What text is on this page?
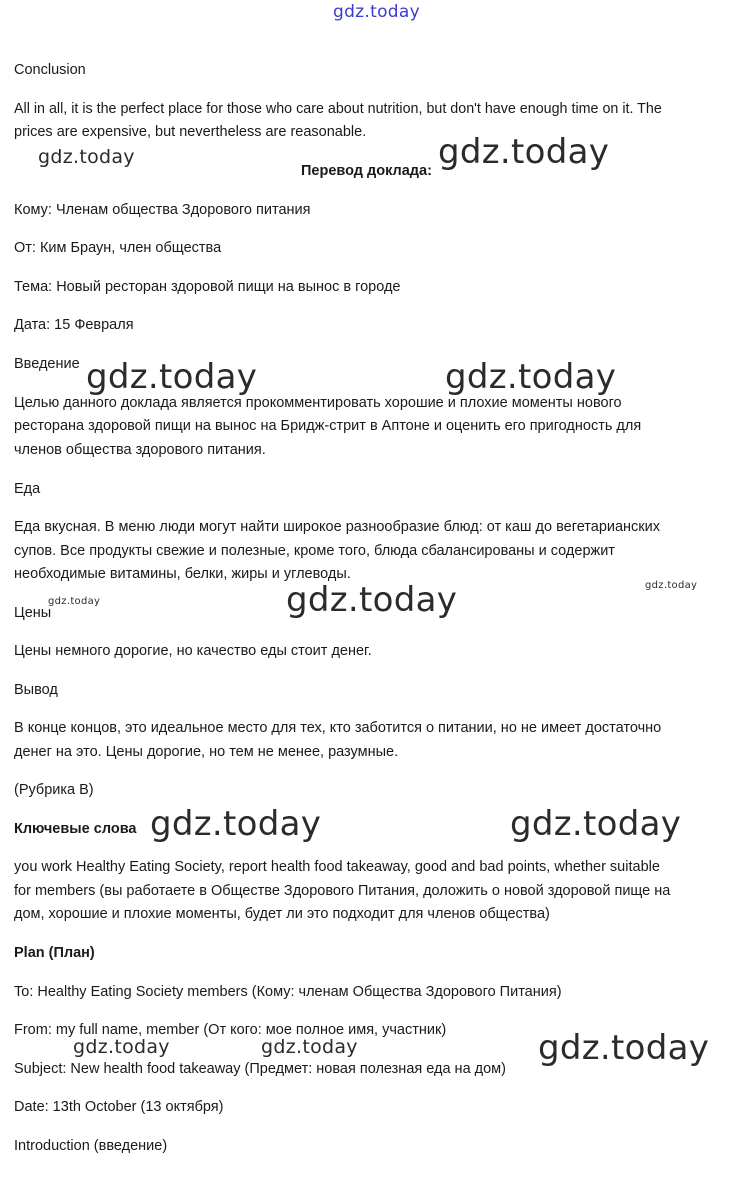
gdz.today
Conclusion
All in all, it is the perfect place for those who care about nutrition, but don't have enough time on it. The
prices are expensive, but nevertheless are reasonable.
Перевод доклада:
Кому: Членам общества Здорового питания
От: Ким Браун, член общества
Тема: Новый ресторан здоровой пищи на вынос в городе
Дата: 15 Февраля
Введение
Целью данного доклада является прокомментировать хорошие и плохие моменты нового
ресторана здоровой пищи на вынос на Бридж-стрит в Аптоне и оценить его пригодность для
членов общества здорового питания.
Еда
Еда вкусная. В меню люди могут найти широкое разнообразие блюд: от каш до вегетарианских
супов. Все продукты свежие и полезные, кроме того, блюда сбалансированы и содержит
необходимые витамины, белки, жиры и углеводы.
Цены
Цены немного дорогие, но качество еды стоит денег.
Вывод
В конце концов, это идеальное место для тех, кто заботится о питании, но не имеет достаточно
денег на это. Цены дорогие, но тем не менее, разумные.
(Рубрика В)
Ключевые слова
you work Healthy Eating Society, report health food takeaway, good and bad points, whether suitable
for members (вы работаете в Обществе Здорового Питания, доложить о новой здоровой пище на
дом, хорошие и плохие моменты, будет ли это подходит для членов общества)
Plan (План)
To: Healthy Eating Society members (Кому: членам Общества Здорового Питания)
From: my full name, member (От кого: мое полное имя, участник)
Subject: New health food takeaway (Предмет: новая полезная еда на дом)
Date: 13th October (13 октября)
Introduction (введение)
gdz.today	gdz.today
gdz.today	gdz.today
gdz.today	gdz.today	gdz.today
gdz.today	gdz.today
gdz.today	gdz.today	gdz.today
